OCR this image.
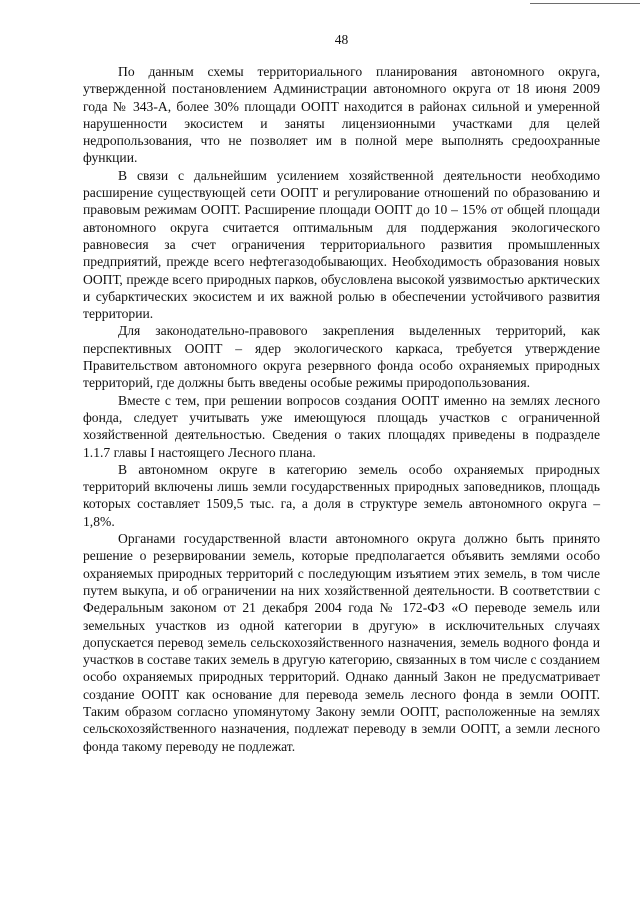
48

По данным схемы территориального планирования автономного округа, утвержденной постановлением Администрации автономного округа от 18 июня 2009 года № 343-А, более 30% площади ООПТ находится в районах сильной и умеренной нарушенности экосистем и заняты лицензионными участками для целей недропользования, что не позволяет им в полной мере выполнять средоохранные функции.

В связи с дальнейшим усилением хозяйственной деятельности необходимо расширение существующей сети ООПТ и регулирование отношений по образованию и правовым режимам ООПТ. Расширение площади ООПТ до 10 – 15% от общей площади автономного округа считается оптимальным для поддержания экологического равновесия за счет ограничения территориального развития промышленных предприятий, прежде всего нефтегазодобывающих. Необходимость образования новых ООПТ, прежде всего природных парков, обусловлена высокой уязвимостью арктических и субарктических экосистем и их важной ролью в обеспечении устойчивого развития территории.

Для законодательно-правового закрепления выделенных территорий, как перспективных ООПТ – ядер экологического каркаса, требуется утверждение Правительством автономного округа резервного фонда особо охраняемых природных территорий, где должны быть введены особые режимы природопользования.

Вместе с тем, при решении вопросов создания ООПТ именно на землях лесного фонда, следует учитывать уже имеющуюся площадь участков с ограниченной хозяйственной деятельностью. Сведения о таких площадях приведены в подразделе 1.1.7 главы I настоящего Лесного плана.

В автономном округе в категорию земель особо охраняемых природных территорий включены лишь земли государственных природных заповедников, площадь которых составляет 1509,5 тыс. га, а доля в структуре земель автономного округа – 1,8%.

Органами государственной власти автономного округа должно быть принято решение о резервировании земель, которые предполагается объявить землями особо охраняемых природных территорий с последующим изъятием этих земель, в том числе путем выкупа, и об ограничении на них хозяйственной деятельности. В соответствии с Федеральным законом от 21 декабря 2004 года № 172-ФЗ «О переводе земель или земельных участков из одной категории в другую» в исключительных случаях допускается перевод земель сельскохозяйственного назначения, земель водного фонда и участков в составе таких земель в другую категорию, связанных в том числе с созданием особо охраняемых природных территорий. Однако данный Закон не предусматривает создание ООПТ как основание для перевода земель лесного фонда в земли ООПТ. Таким образом согласно упомянутому Закону земли ООПТ, расположенные на землях сельскохозяйственного назначения, подлежат переводу в земли ООПТ, а земли лесного фонда такому переводу не подлежат.
